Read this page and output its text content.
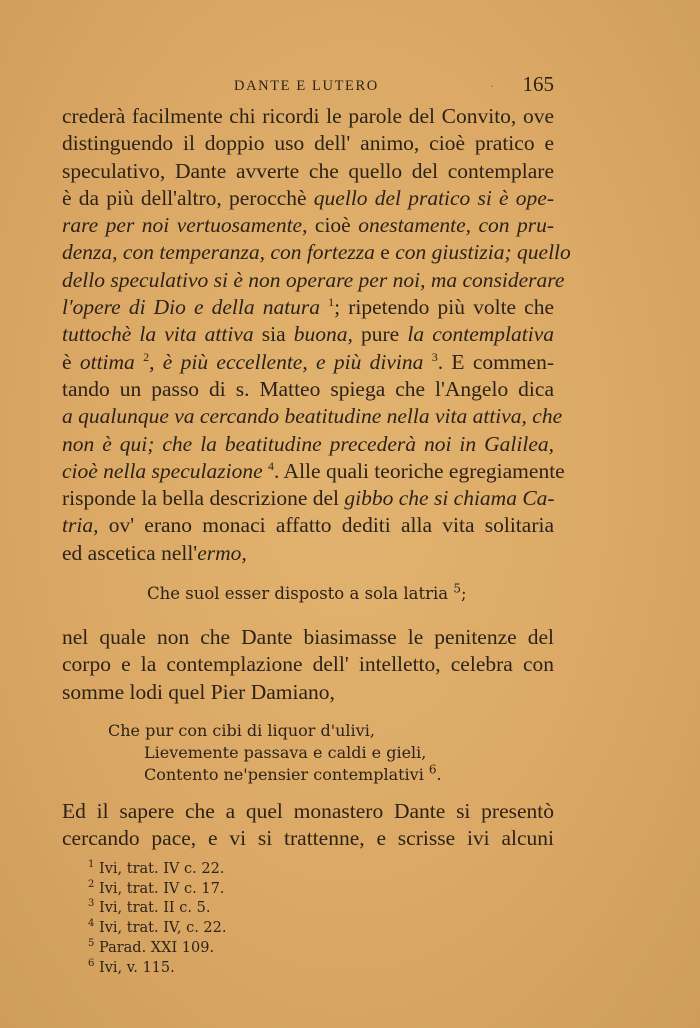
DANTE E LUTERO	· 165
crederà facilmente chi ricordi le parole del Convito, ove
distinguendo il doppio uso dell' animo, cioè pratico e
speculativo, Dante avverte che quello del contemplare
è da più dell'altro, perocchè quello del pratico si è ope-
rare per noi vertuosamente, cioè onestamente, con pru-
denza, con temperanza, con fortezza e con giustizia; quello
dello speculativo si è non operare per noi, ma considerare
l'opere di Dio e della natura $^1$; ripetendo più volte che
tuttochè la vita attiva sia buona, pure la contemplativa
è ottima $^2$, è più eccellente, e più divina $^3$. E commen-
tando un passo di s. Matteo spiega che l'Angelo dica
a qualunque va cercando beatitudine nella vita attiva, che
non è qui; che la beatitudine precederà noi in Galilea,
cioè nella speculazione $^4$. Alle quali teoriche egregiamente
risponde la bella descrizione del gibbo che si chiama Ca-
tria, ov' erano monaci affatto dediti alla vita solitaria
ed ascetica nell'ermo,
Che suol esser disposto a sola latria $^5$;
nel quale non che Dante biasimasse le penitenze del
corpo e la contemplazione dell' intelletto, celebra con
somme lodi quel Pier Damiano,
Che pur con cibi di liquor d'ulivi,
Lievemente passava e caldi e gieli,
Contento ne'pensier contemplativi $^6$.
Ed il sapere che a quel monastero Dante si presentò
cercando pace, e vi si trattenne, e scrisse ivi alcuni
$^1$ Ivi, trat. IV c. 22.
$^2$ Ivi, trat. IV c. 17.
$^3$ Ivi, trat. II c. 5.
$^4$ Ivi, trat. IV, c. 22.
$^5$ Parad. XXI 109.
$^6$ Ivi, v. 115.
